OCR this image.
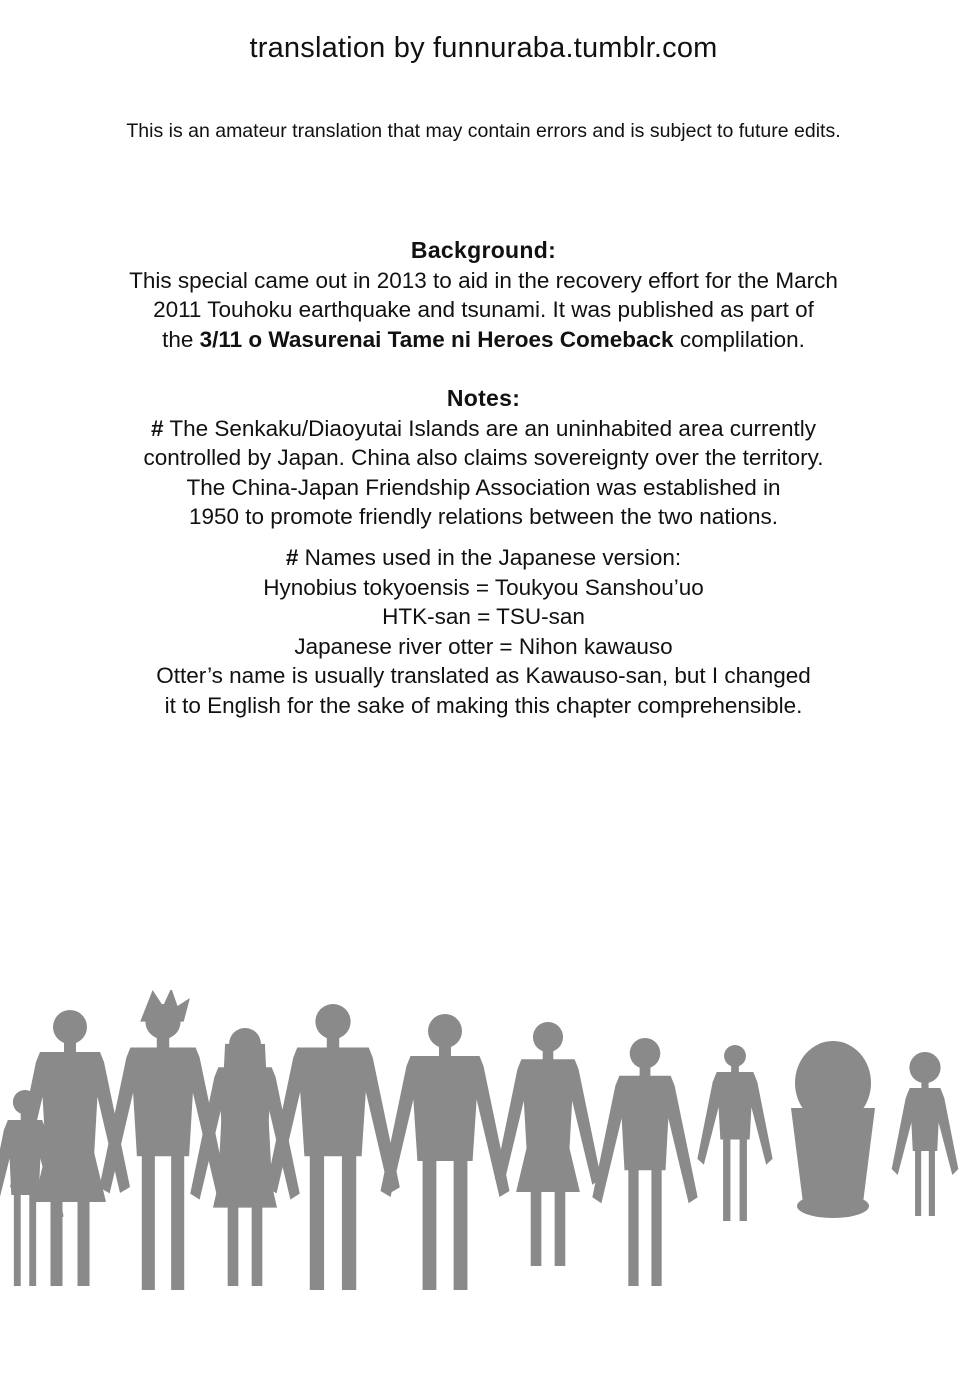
translation by funnuraba.tumblr.com
This is an amateur translation that may contain errors and is subject to future edits.
Background:
This special came out in 2013 to aid in the recovery effort for the March
2011 Touhoku earthquake and tsunami. It was published as part of
the 3/11 o Wasurenai Tame ni Heroes Comeback complilation.
Notes:
# The Senkaku/Diaoyutai Islands are an uninhabited area currently
controlled by Japan. China also claims sovereignty over the territory.
The China-Japan Friendship Association was established in
1950 to promote friendly relations between the two nations.
# Names used in the Japanese version:
Hynobius tokyoensis = Toukyou Sanshou’uo
HTK-san = TSU-san
Japanese river otter = Nihon kawauso
Otter’s name is usually translated as Kawauso-san, but I changed
it to English for the sake of making this chapter comprehensible.
